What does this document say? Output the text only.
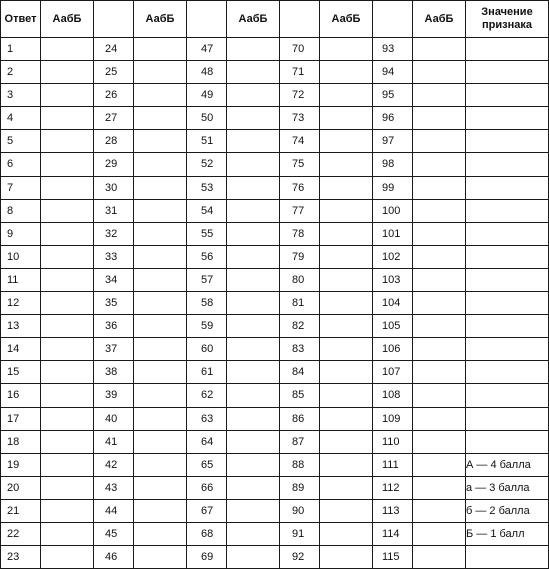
Ответ	АабБ		АабБ		АабБ		АабБ		АабБ	Значение признака
1		24		47		70		93		
2		25		48		71		94		
3		26		49		72		95		
4		27		50		73		96		
5		28		51		74		97		
6		29		52		75		98		
7		30		53		76		99		
8		31		54		77		100		
9		32		55		78		101		
10		33		56		79		102		
11		34		57		80		103		
12		35		58		81		104		
13		36		59		82		105		
14		37		60		83		106		
15		38		61		84		107		
16		39		62		85		108		
17		40		63		86		109		
18		41		64		87		110		
19		42		65		88		111		А — 4 балла
20		43		66		89		112		а — 3 балла
21		44		67		90		113		б — 2 балла
22		45		68		91		114		Б — 1 балл
23		46		69		92		115		
